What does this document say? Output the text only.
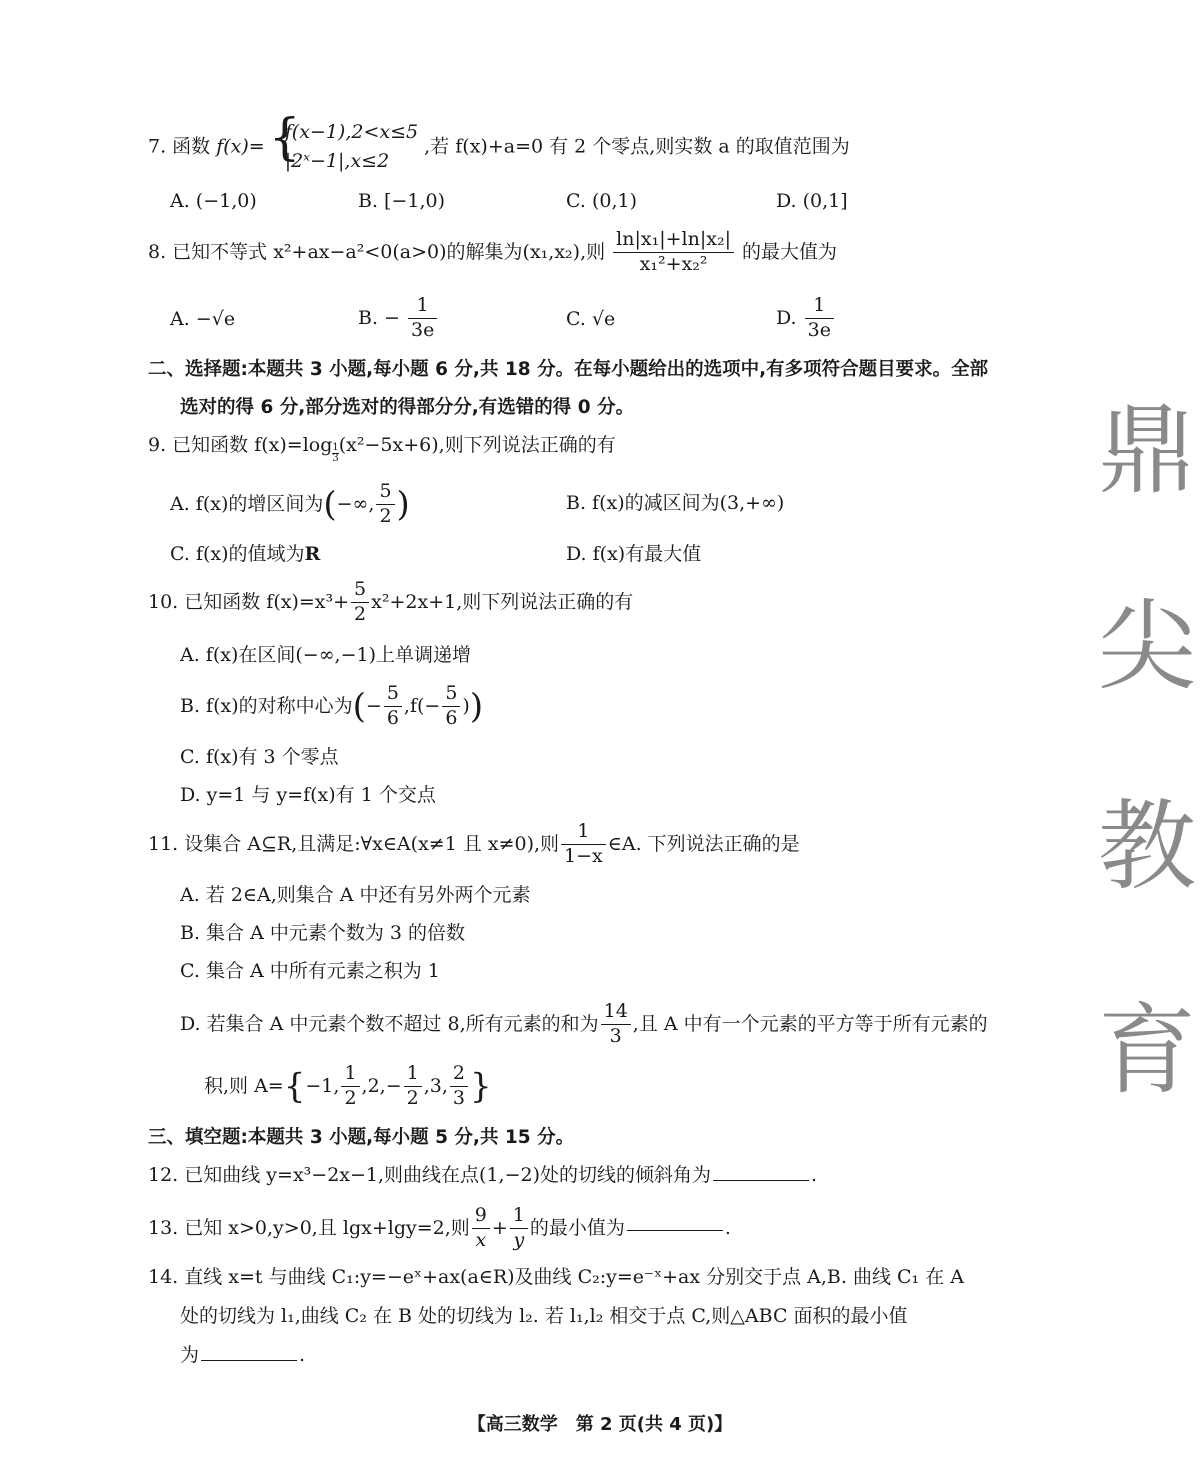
7. 函数 f(x)= {
f(x−1),2<x≤5
|2ˣ−1|,x≤2
,若 f(x)+a=0 有 2 个零点,则实数 a 的取值范围为
A. (−1,0)	B. [−1,0)	C. (0,1)	D. (0,1]
8. 已知不等式 x²+ax−a²<0(a>0)的解集为(x₁,x₂),则 $\frac{\text{ln|x₁|+ln|x₂|}}{\text{x₁²+x₂²}}$ 的最大值为
A. −√e	B. − $\frac{1}{3e}$	C. √e	D. $\frac{1}{3e}$
二、选择题:本题共 3 小题,每小题 6 分,共 18 分。在每小题给出的选项中,有多项符合题目要求。全部
选对的得 6 分,部分选对的得部分分,有选错的得 0 分。
9. 已知函数 $f(x)=\log \frac{1}{3} (x^2-5x+6)$,则下列说法正确的有
A. f(x)的增区间为(−∞, $\frac{5}{2}$ )	B. f(x)的减区间为(3,+∞)
C. f(x)的值域为R	D. f(x)有最大值
10. 已知函数 $f(x)=x^3+ \frac{5}{2} x^2+2x+1$,则下列说法正确的有
A. f(x)在区间(−∞,−1)上单调递增
B. f(x)的对称中心为(− $\frac{5}{6} ,f(- \frac{5}{6}$ ))
C. f(x)有 3 个零点
D. y=1 与 y=f(x)有 1 个交点
11. 设集合 A⊆R,且满足:∀x∈A(x≠1 且 x≠0),则 $\frac{1}{1-x}$ ∈A. 下列说法正确的是
A. 若 2∈A,则集合 A 中还有另外两个元素
B. 集合 A 中元素个数为 3 的倍数
C. 集合 A 中所有元素之积为 1
D. 若集合 A 中元素个数不超过 8,所有元素的和为 $\frac{14}{3}$ ,且 A 中有一个元素的平方等于所有元素的
积,则 A={−1, $\frac{1}{2} ,2,- \frac{1}{2} ,3$, $\frac{2}{3}$ }
三、填空题:本题共 3 小题,每小题 5 分,共 15 分。
12. 已知曲线 y=x³−2x−1,则曲线在点(1,−2)处的切线的倾斜角为	.
13. 已知 x>0,y>0,且 lgx+lgy=2,则 $\frac{9}{x} + \frac{1}{y}$ 的最小值为	.
14. 直线 x=t 与曲线 C₁:y=−eˣ+ax(a∈R)及曲线 C₂:y=e⁻ˣ+ax 分别交于点 A,B. 曲线 C₁ 在 A
处的切线为 l₁,曲线 C₂ 在 B 处的切线为 l₂. 若 l₁,l₂ 相交于点 C,则△ABC 面积的最小值
为	.
【高三数学　第 2 页(共 4 页)】
鼎
尖
教
育
